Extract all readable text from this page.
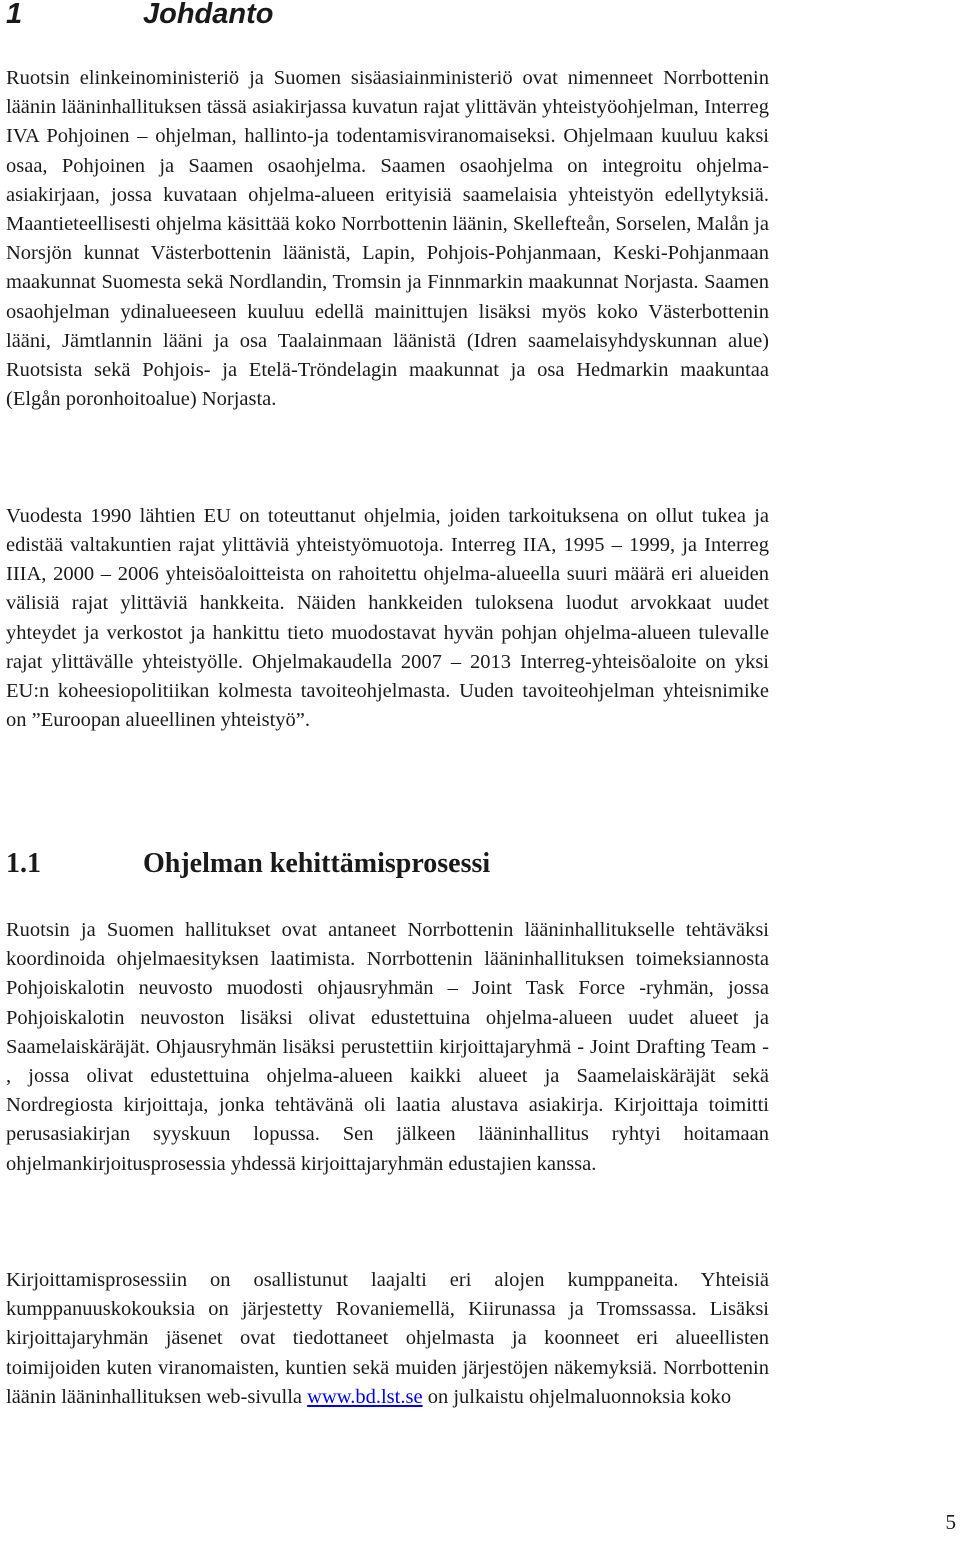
1	Johdanto

Ruotsin elinkeinoministeriö ja Suomen sisäasiainministeriö ovat nimenneet Norrbottenin läänin lääninhallituksen tässä asiakirjassa kuvatun rajat ylittävän yhteistyöohjelman, Interreg IVA Pohjoinen – ohjelman, hallinto-ja todentamisviranomaiseksi. Ohjelmaan kuuluu kaksi osaa, Pohjoinen ja Saamen osaohjelma. Saamen osaohjelma on integroitu ohjelma-asiakirjaan, jossa kuvataan ohjelma-alueen erityisiä saamelaisia yhteistyön edellytyksiä. Maantieteellisesti ohjelma käsittää koko Norrbottenin läänin, Skellefteån, Sorselen, Malån ja Norsjön kunnat Västerbottenin läänistä, Lapin, Pohjois-Pohjanmaan, Keski-Pohjanmaan maakunnat Suomesta sekä Nordlandin, Tromsin ja Finnmarkin maakunnat Norjasta. Saamen osaohjelman ydinalueeseen kuuluu edellä mainittujen lisäksi myös koko Västerbottenin lääni, Jämtlannin lääni ja osa Taalainmaan läänistä (Idren saamelaisyhdyskunnan alue) Ruotsista sekä Pohjois- ja Etelä-Tröndelagin maakunnat ja osa Hedmarkin maakuntaa (Elgån poronhoitoalue) Norjasta.

Vuodesta 1990 lähtien EU on toteuttanut ohjelmia, joiden tarkoituksena on ollut tukea ja edistää valtakuntien rajat ylittäviä yhteistyömuotoja. Interreg IIA, 1995 – 1999, ja Interreg IIIA, 2000 – 2006 yhteisöaloitteista on rahoitettu ohjelma-alueella suuri määrä eri alueiden välisiä rajat ylittäviä hankkeita. Näiden hankkeiden tuloksena luodut arvokkaat uudet yhteydet ja verkostot ja hankittu tieto muodostavat hyvän pohjan ohjelma-alueen tulevalle rajat ylittävälle yhteistyölle. Ohjelmakaudella 2007 – 2013 Interreg-yhteisöaloite on yksi EU:n koheesiopolitiikan kolmesta tavoiteohjelmasta. Uuden tavoiteohjelman yhteisnimike on ”Euroopan alueellinen yhteistyö”.

1.1	Ohjelman kehittämisprosessi

Ruotsin ja Suomen hallitukset ovat antaneet Norrbottenin lääninhallitukselle tehtäväksi koordinoida ohjelmaesityksen laatimista. Norrbottenin lääninhallituksen toimeksiannosta Pohjoiskalotin neuvosto muodosti ohjausryhmän – Joint Task Force -ryhmän, jossa Pohjoiskalotin neuvoston lisäksi olivat edustettuina ohjelma-alueen uudet alueet ja Saamelaiskäräjät. Ohjausryhmän lisäksi perustettiin kirjoittajaryhmä - Joint Drafting Team - , jossa olivat edustettuina ohjelma-alueen kaikki alueet ja Saamelaiskäräjät sekä Nordregiosta kirjoittaja, jonka tehtävänä oli laatia alustava asiakirja. Kirjoittaja toimitti perusasiakirjan syyskuun lopussa. Sen jälkeen lääninhallitus ryhtyi hoitamaan ohjelmankirjoitusprosessia yhdessä kirjoittajaryhmän edustajien kanssa.

Kirjoittamisprosessiin on osallistunut laajalti eri alojen kumppaneita. Yhteisiä kumppanuuskokouksia on järjestetty Rovaniemellä, Kiirunassa ja Tromssassa. Lisäksi kirjoittajaryhmän jäsenet ovat tiedottaneet ohjelmasta ja koonneet eri alueellisten toimijoiden kuten viranomaisten, kuntien sekä muiden järjestöjen näkemyksiä. Norrbottenin läänin lääninhallituksen web-sivulla www.bd.lst.se on julkaistu ohjelmaluonnoksia koko

5
